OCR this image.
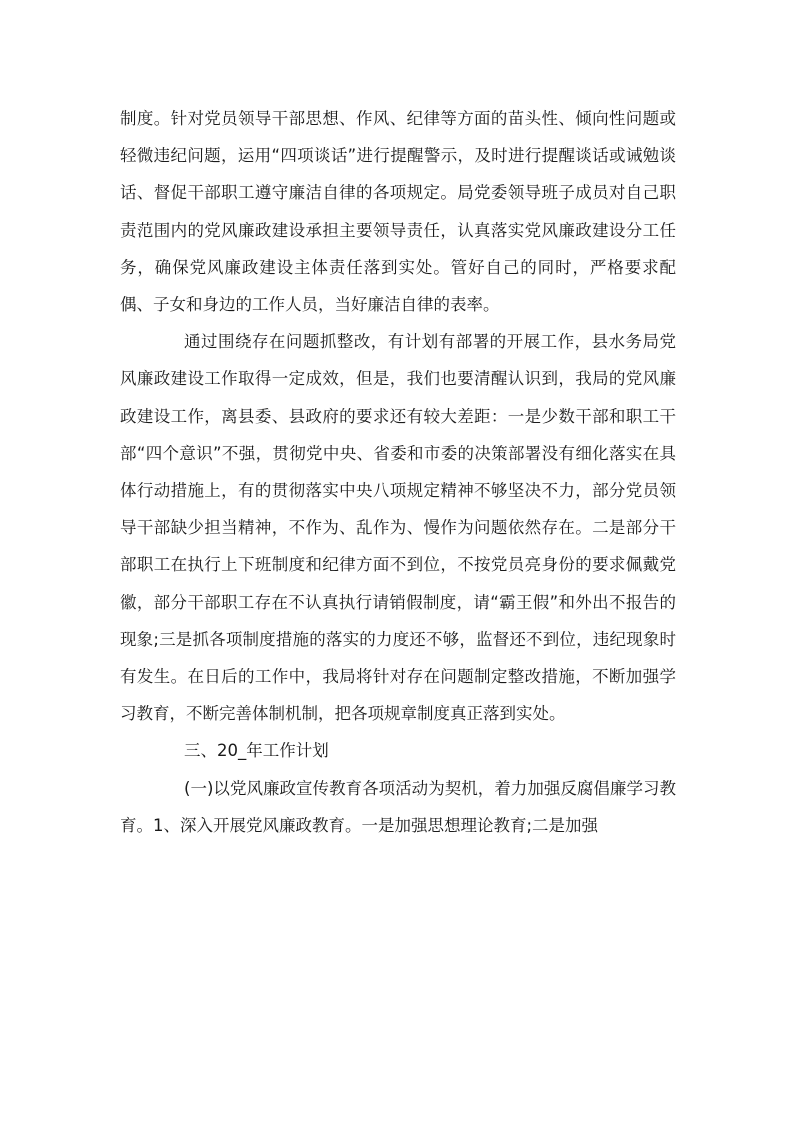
制度。针对党员领导干部思想、作风、纪律等方面的苗头性、倾向性问题或轻微违纪问题，运用“四项谈话”进行提醒警示，及时进行提醒谈话或诫勉谈话、督促干部职工遵守廉洁自律的各项规定。局党委领导班子成员对自己职责范围内的党风廉政建设承担主要领导责任，认真落实党风廉政建设分工任务，确保党风廉政建设主体责任落到实处。管好自己的同时，严格要求配偶、子女和身边的工作人员，当好廉洁自律的表率。

通过围绕存在问题抓整改，有计划有部署的开展工作，县水务局党风廉政建设工作取得一定成效，但是，我们也要清醒认识到，我局的党风廉政建设工作，离县委、县政府的要求还有较大差距：一是少数干部和职工干部“四个意识”不强，贯彻党中央、省委和市委的决策部署没有细化落实在具体行动措施上，有的贯彻落实中央八项规定精神不够坚决不力，部分党员领导干部缺少担当精神，不作为、乱作为、慢作为问题依然存在。二是部分干部职工在执行上下班制度和纪律方面不到位，不按党员亮身份的要求佩戴党徽，部分干部职工存在不认真执行请销假制度，请“霸王假”和外出不报告的现象;三是抓各项制度措施的落实的力度还不够，监督还不到位，违纪现象时有发生。在日后的工作中，我局将针对存在问题制定整改措施，不断加强学习教育，不断完善体制机制，把各项规章制度真正落到实处。

三、20_年工作计划

(一)以党风廉政宣传教育各项活动为契机，着力加强反腐倡廉学习教育。1、深入开展党风廉政教育。一是加强思想理论教育;二是加强
